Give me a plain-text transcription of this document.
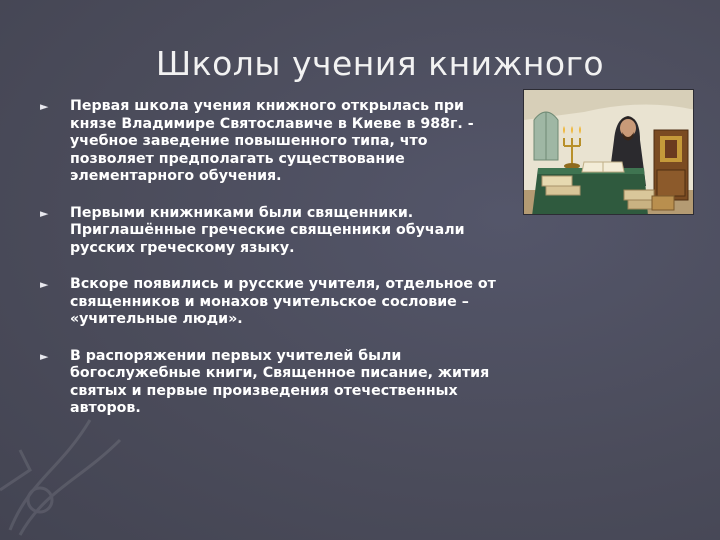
Школы учения книжного
► Первая школа учения книжного открылась при князе Владимире Святославиче в Киеве в 988г. - учебное заведение повышенного типа, что позволяет предполагать существование элементарного обучения.
► Первыми книжниками были священники. Приглашённые греческие священники обучали русских греческому языку.
► Вскоре появились и русские учителя, отдельное от священников и монахов учительское сословие – «учительные люди».
► В распоряжении первых учителей были богослужебные книги, Священное писание, жития святых и первые произведения отечественных авторов.
